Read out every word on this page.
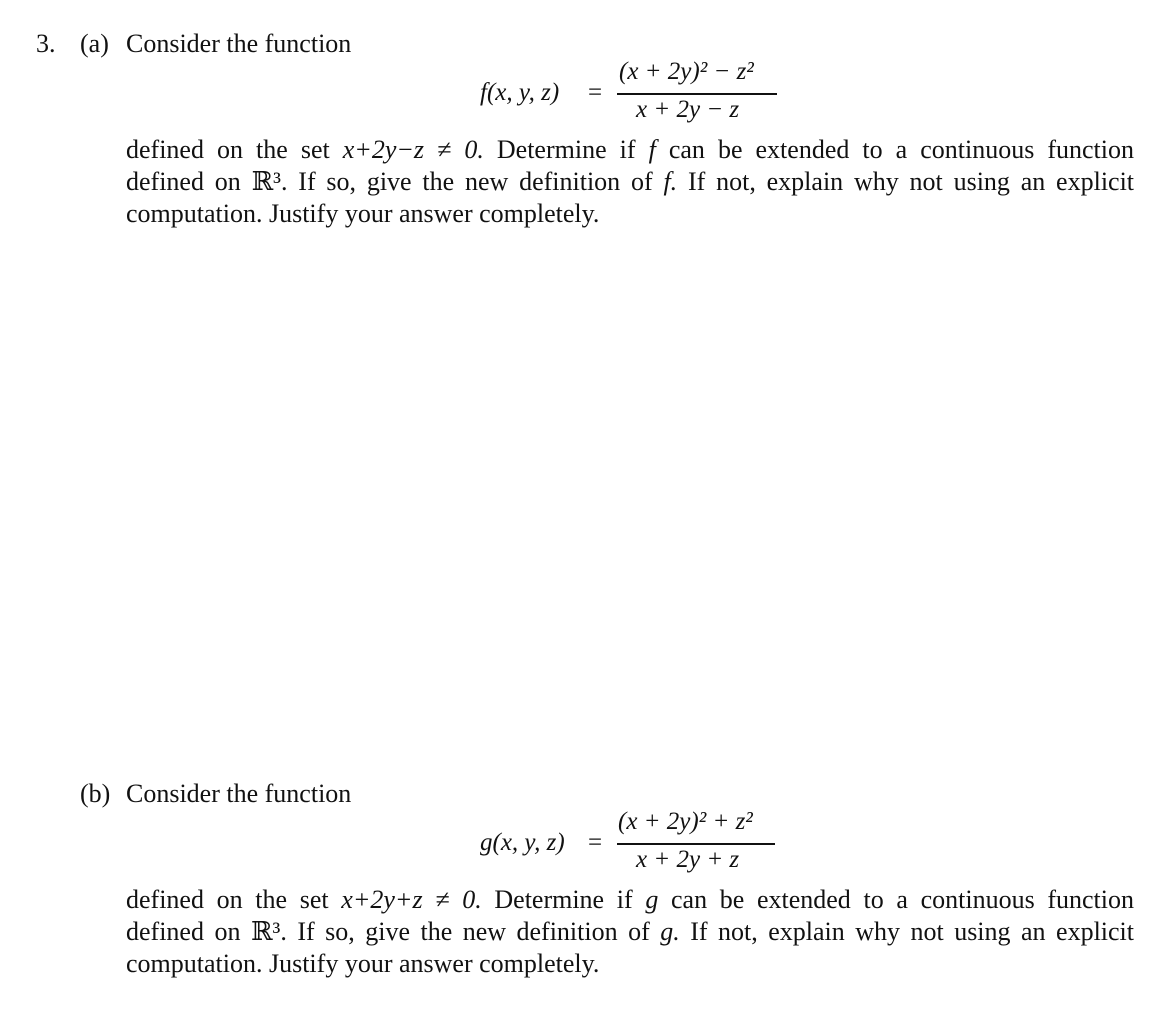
3. (a) Consider the function
f(x, y, z) =
(x + 2y)² − z²
x + 2y − z
defined on the set x+2y−z ≠ 0. Determine if f can be extended to a continuous function
defined on ℝ³. If so, give the new definition of f. If not, explain why not using an explicit
computation. Justify your answer completely.
(b) Consider the function
g(x, y, z) =
(x + 2y)² + z²
x + 2y + z
defined on the set x+2y+z ≠ 0. Determine if g can be extended to a continuous function
defined on ℝ³. If so, give the new definition of g. If not, explain why not using an explicit
computation. Justify your answer completely.
